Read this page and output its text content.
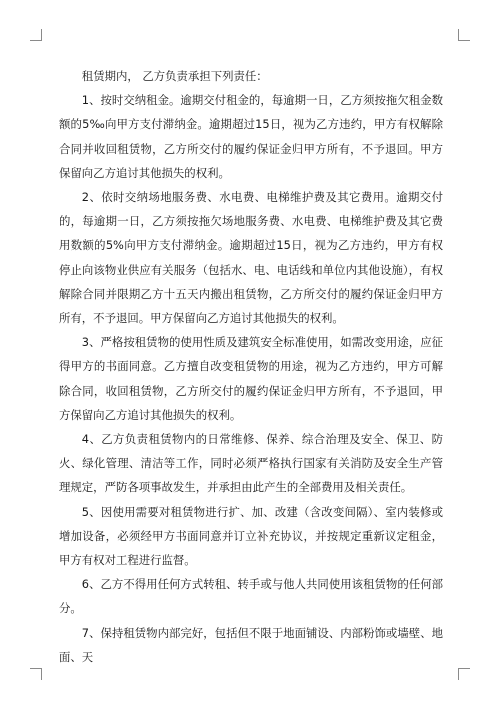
租赁期内， 乙方负责承担下列责任：

1、按时交纳租金。逾期交付租金的，每逾期一日，乙方须按拖欠租金数额的5‰向甲方支付滞纳金。逾期超过15日，视为乙方违约，甲方有权解除合同并收回租赁物，乙方所交付的履约保证金归甲方所有，不予退回。甲方保留向乙方追讨其他损失的权利。

2、依时交纳场地服务费、水电费、电梯维护费及其它费用。逾期交付的，每逾期一日，乙方须按拖欠场地服务费、水电费、电梯维护费及其它费用数额的5%向甲方支付滞纳金。逾期超过15日，视为乙方违约，甲方有权停止向该物业供应有关服务（包括水、电、电话线和单位内其他设施），有权解除合同并限期乙方十五天内搬出租赁物，乙方所交付的履约保证金归甲方所有，不予退回。甲方保留向乙方追讨其他损失的权利。

3、严格按租赁物的使用性质及建筑安全标准使用，如需改变用途，应征得甲方的书面同意。乙方擅自改变租赁物的用途，视为乙方违约，甲方可解除合同，收回租赁物，乙方所交付的履约保证金归甲方所有，不予退回，甲方保留向乙方追讨其他损失的权利。

4、乙方负责租赁物内的日常维修、保养、综合治理及安全、保卫、防火、绿化管理、清洁等工作，同时必须严格执行国家有关消防及安全生产管理规定，严防各项事故发生，并承担由此产生的全部费用及相关责任。

5、因使用需要对租赁物进行扩、加、改建（含改变间隔）、室内装修或增加设备，必须经甲方书面同意并订立补充协议，并按规定重新议定租金，甲方有权对工程进行监督。

6、乙方不得用任何方式转租、转手或与他人共同使用该租赁物的任何部分。

7、保持租赁物内部完好，包括但不限于地面铺设、内部粉饰或墙壁、地面、天
